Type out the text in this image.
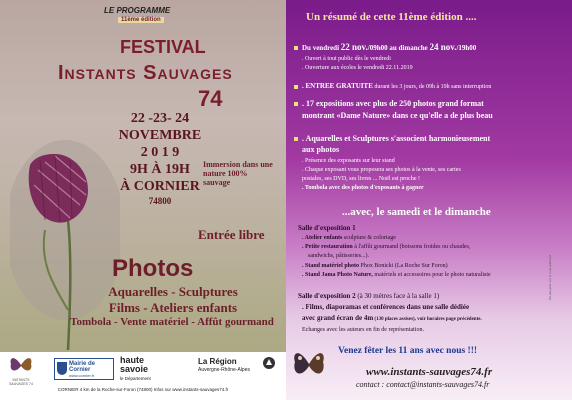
LE PROGRAMME
11ème édition
FESTIVAL
Instants Sauvages
74
22 -23- 24
NOVEMBRE
2 0 1 9
9H À 19H
À CORNIER
74800
Immersion dans une nature 100% sauvage
Entrée libre
Photos
Aquarelles - Sculptures
Films - Ateliers enfants
Tombola - Vente matériel - Affût gourmand
INSTANTS SAUVAGES 74
Mairie de Cornier
www.cornier.fr
haute
savoie
le Département
La Région
Auvergne-Rhône-Alpes
CORNIER 4 km de la Roche-sur-Foron (74800) Infos sur www.instants-sauvages74.fr
Un résumé de cette 11ème édition ....
Du vendredi 22 nov./09h00 au dimanche 24 nov./19h00
. Ouvert à tout public dès le vendredi
. Ouverture aux écoles le vendredi 22.11.2019
. ENTREE GRATUITE durant les 3 jours, de 09h à 19h sans interruption
. 17 expositions avec plus de 250 photos grand format
montrant «Dame Nature» dans ce qu'elle a de plus beau
. Aquarelles et Sculptures s'associent harmonieusement
aux photos
. Présence des exposants sur leur stand
. Chaque exposant vous proposera ses photos à la vente, ses cartes
postales, ses DVD, ses livres ... Noël est proche !
. Tombola avec des photos d'exposants à gagner
...avec, le samedi et le dimanche
Salle d'exposition 1
. Atelier enfants sculpture & coloriage
. Petite restauration à l'affût gourmand (boissons froides ou chaudes,
sandwichs, pâtisseries...).
. Stand matériel photo Phox Bonicki (La Roche Sur Foron)
. Stand Jama Photo Nature, matériels et accessoires pour le photo naturaliste
Salle d'exposition 2 (à 30 mètres face à la salle 1)
. Films, diaporamas et conférences dans une salle dédiée
avec grand écran de 4m (130 places assises), voir horaires page précédente.
Echanges avec les auteurs en fin de représentation.
Venez fêter les 11 ans avec nous !!!
www.instants-sauvages74.fr
contact : contact@instants-sauvages74.fr
Ne pas jeter sur la voie publique
